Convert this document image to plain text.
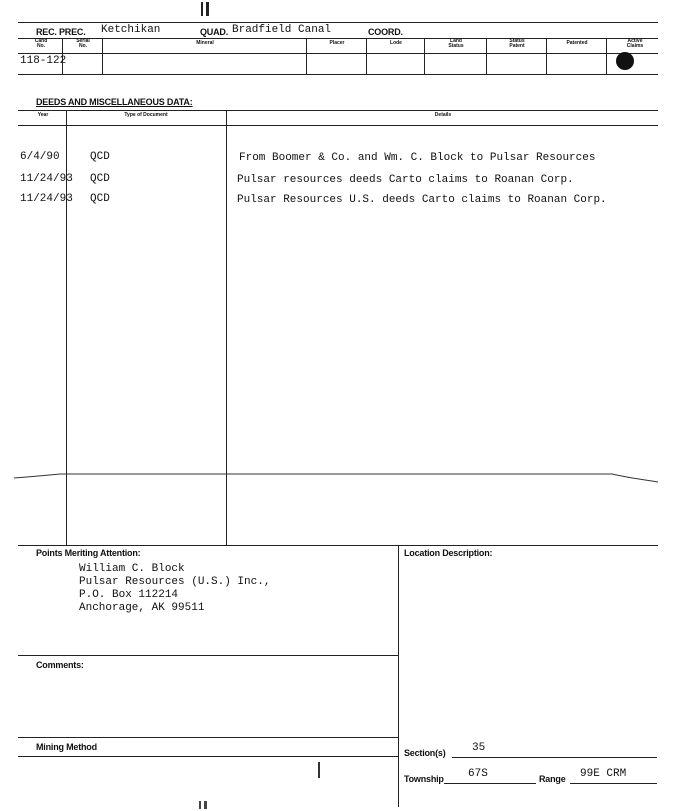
REC. PREC. Ketchikan	QUAD. Bradfield Canal	COORD.
Cand
No.
Serial
No.	Mineral	Placer	Lode	Land
Status
Status
Patent	Patented	Active
Claims
118-122
DEEDS AND MISCELLANEOUS DATA:
Year	Type of Document	Details
6/4/90	QCD	From Boomer & Co. and Wm. C. Block to Pulsar Resources
11/24/93 QCD	Pulsar resources deeds Carto claims to Roanan Corp.
11/24/93 QCD	Pulsar Resources U.S. deeds Carto claims to Roanan Corp.
Points Meriting Attention:
William C. Block
Pulsar Resources (U.S.) Inc.,
P.O. Box 112214
Anchorage, AK 99511
Location Description:
Comments:
Mining Method
Section(s) 35
Township 67S	Range 99E CRM
